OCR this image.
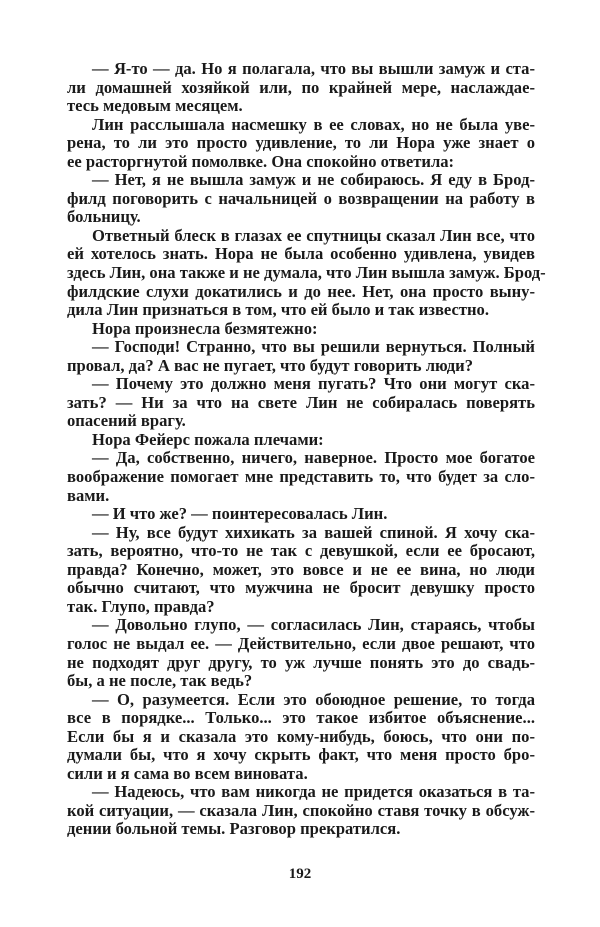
— Я-то — да. Но я полагала, что вы вышли замуж и ста-
ли домашней хозяйкой или, по крайней мере, наслаждае-
тесь медовым месяцем.
Лин расслышала насмешку в ее словах, но не была уве-
рена, то ли это просто удивление, то ли Нора уже знает о
ее расторгнутой помолвке. Она спокойно ответила:
— Нет, я не вышла замуж и не собираюсь. Я еду в Брод-
филд поговорить с начальницей о возвращении на работу в
больницу.
Ответный блеск в глазах ее спутницы сказал Лин все, что
ей хотелось знать. Нора не была особенно удивлена, увидев
здесь Лин, она также и не думала, что Лин вышла замуж. Брод-
филдские слухи докатились и до нее. Нет, она просто выну-
дила Лин признаться в том, что ей было и так известно.
Нора произнесла безмятежно:
— Господи! Странно, что вы решили вернуться. Полный
провал, да? А вас не пугает, что будут говорить люди?
— Почему это должно меня пугать? Что они могут ска-
зать? — Ни за что на свете Лин не собиралась поверять
опасений врагу.
Нора Фейерс пожала плечами:
— Да, собственно, ничего, наверное. Просто мое богатое
воображение помогает мне представить то, что будет за сло-
вами.
— И что же? — поинтересовалась Лин.
— Ну, все будут хихикать за вашей спиной. Я хочу ска-
зать, вероятно, что-то не так с девушкой, если ее бросают,
правда? Конечно, может, это вовсе и не ее вина, но люди
обычно считают, что мужчина не бросит девушку просто
так. Глупо, правда?
— Довольно глупо, — согласилась Лин, стараясь, чтобы
голос не выдал ее. — Действительно, если двое решают, что
не подходят друг другу, то уж лучше понять это до свадь-
бы, а не после, так ведь?
— О, разумеется. Если это обоюдное решение, то тогда
все в порядке... Только... это такое избитое объяснение...
Если бы я и сказала это кому-нибудь, боюсь, что они по-
думали бы, что я хочу скрыть факт, что меня просто бро-
сили и я сама во всем виновата.
— Надеюсь, что вам никогда не придется оказаться в та-
кой ситуации, — сказала Лин, спокойно ставя точку в обсуж-
дении больной темы. Разговор прекратился.
192
